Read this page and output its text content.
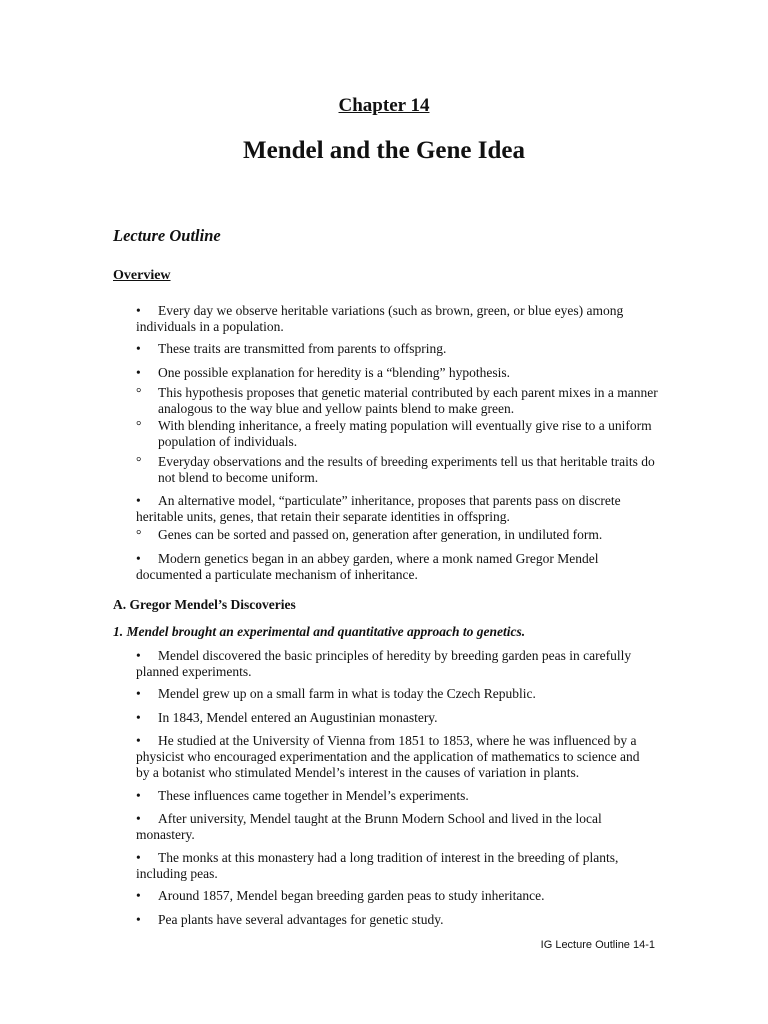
Chapter 14
Mendel and the Gene Idea
Lecture Outline
Overview
• Every day we observe heritable variations (such as brown, green, or blue eyes) among individuals in a population.
• These traits are transmitted from parents to offspring.
• One possible explanation for heredity is a “blending” hypothesis.
° This hypothesis proposes that genetic material contributed by each parent mixes in a manner analogous to the way blue and yellow paints blend to make green.
° With blending inheritance, a freely mating population will eventually give rise to a uniform population of individuals.
° Everyday observations and the results of breeding experiments tell us that heritable traits do not blend to become uniform.
• An alternative model, “particulate” inheritance, proposes that parents pass on discrete heritable units, genes, that retain their separate identities in offspring.
° Genes can be sorted and passed on, generation after generation, in undiluted form.
• Modern genetics began in an abbey garden, where a monk named Gregor Mendel documented a particulate mechanism of inheritance.
A. Gregor Mendel’s Discoveries
1. Mendel brought an experimental and quantitative approach to genetics.
• Mendel discovered the basic principles of heredity by breeding garden peas in carefully planned experiments.
• Mendel grew up on a small farm in what is today the Czech Republic.
• In 1843, Mendel entered an Augustinian monastery.
• He studied at the University of Vienna from 1851 to 1853, where he was influenced by a physicist who encouraged experimentation and the application of mathematics to science and by a botanist who stimulated Mendel’s interest in the causes of variation in plants.
• These influences came together in Mendel’s experiments.
• After university, Mendel taught at the Brunn Modern School and lived in the local monastery.
• The monks at this monastery had a long tradition of interest in the breeding of plants, including peas.
• Around 1857, Mendel began breeding garden peas to study inheritance.
• Pea plants have several advantages for genetic study.
IG Lecture Outline 14-1
